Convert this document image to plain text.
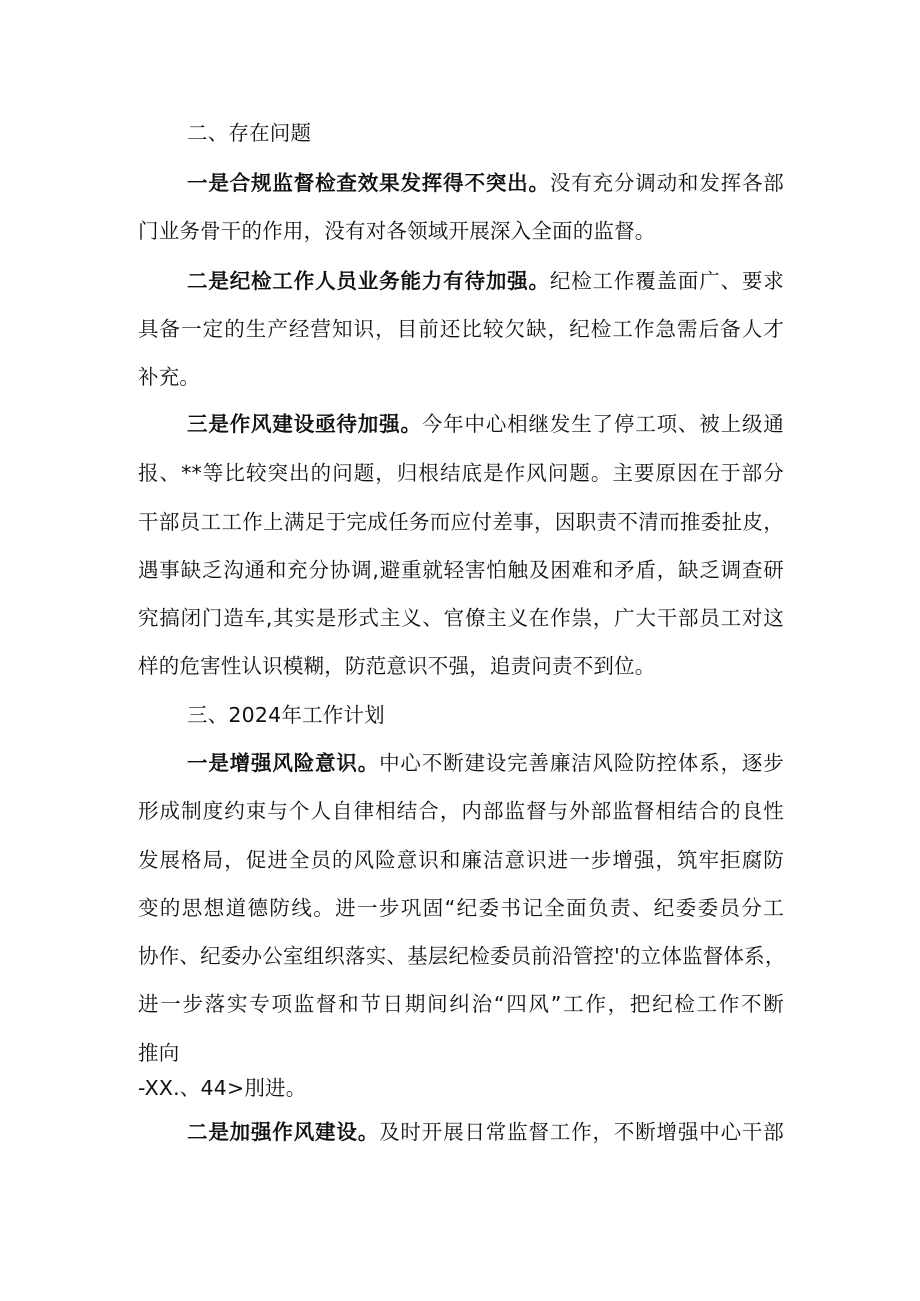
二、存在问题
一是合规监督检查效果发挥得不突出。没有充分调动和发挥各部
门业务骨干的作用，没有对各领域开展深入全面的监督。
二是纪检工作人员业务能力有待加强。纪检工作覆盖面广、要求
具备一定的生产经营知识，目前还比较欠缺，纪检工作急需后备人才
补充。
三是作风建设亟待加强。今年中心相继发生了停工项、被上级通
报、**等比较突出的问题，归根结底是作风问题。主要原因在于部分
干部员工工作上满足于完成任务而应付差事，因职责不清而推委扯皮，
遇事缺乏沟通和充分协调,避重就轻害怕触及困难和矛盾，缺乏调查研
究搞闭门造车,其实是形式主义、官僚主义在作祟，广大干部员工对这
样的危害性认识模糊，防范意识不强，追责问责不到位。
三、2024年工作计划
一是增强风险意识。中心不断建设完善廉洁风险防控体系，逐步
形成制度约束与个人自律相结合，内部监督与外部监督相结合的良性
发展格局，促进全员的风险意识和廉洁意识进一步增强，筑牢拒腐防
变的思想道德防线。进一步巩固“纪委书记全面负责、纪委委员分工
协作、纪委办公室组织落实、基层纪检委员前沿管控'的立体监督体系，
进一步落实专项监督和节日期间纠治“四风”工作，把纪检工作不断
推向
-XX.、44>刖进。
二是加强作风建设。及时开展日常监督工作，不断增强中心干部
